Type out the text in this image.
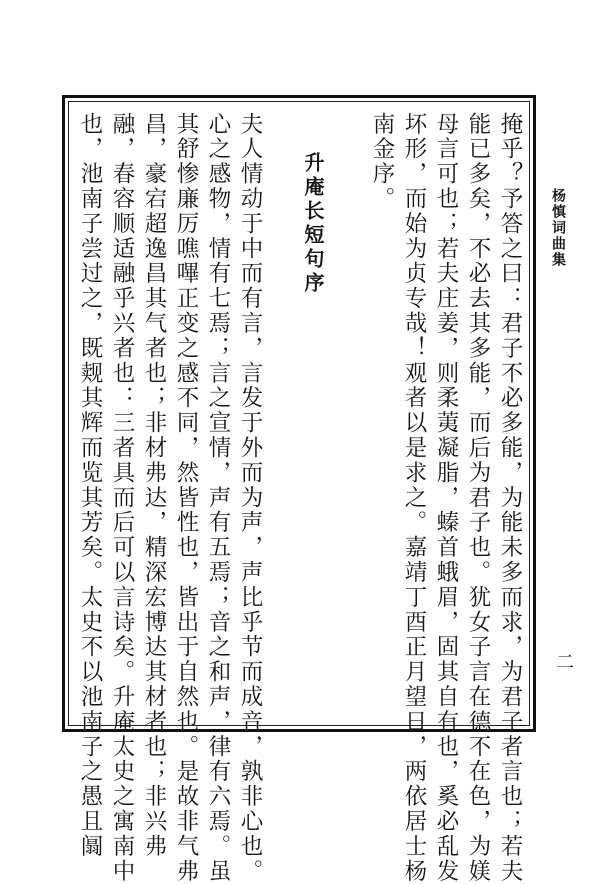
杨慎词曲集
掩乎？予答之曰：君子不必多能，为能未多而求，为君子者言也；若夫
能已多矣，不必去其多能，而后为君子也。犹女子言在德不在色，为媄
母言可也；若夫庄姜，则柔荑凝脂，螓首蛾眉，固其自有也，奚必乱发
坏形，而始为贞专哉！观者以是求之。嘉靖丁酉正月望日，两依居士杨
南金序。
升庵长短句序
夫人情动于中而有言，言发于外而为声，声比乎节而成音，孰非心也。
心之感物，情有七焉；言之宣情，声有五焉；音之和声，律有六焉。虽
其舒惨廉厉噍嗶正变之感不同，然皆性也，皆出于自然也。是故非气弗
昌，豪宕超逸昌其气者也；非材弗达，精深宏博达其材者也；非兴弗
融，春容顺适融乎兴者也：三者具而后可以言诗矣。升庵太史之寓南中
也，池南子尝过之，既觌其辉而览其芳矣。太史不以池南子之愚且阘	二
